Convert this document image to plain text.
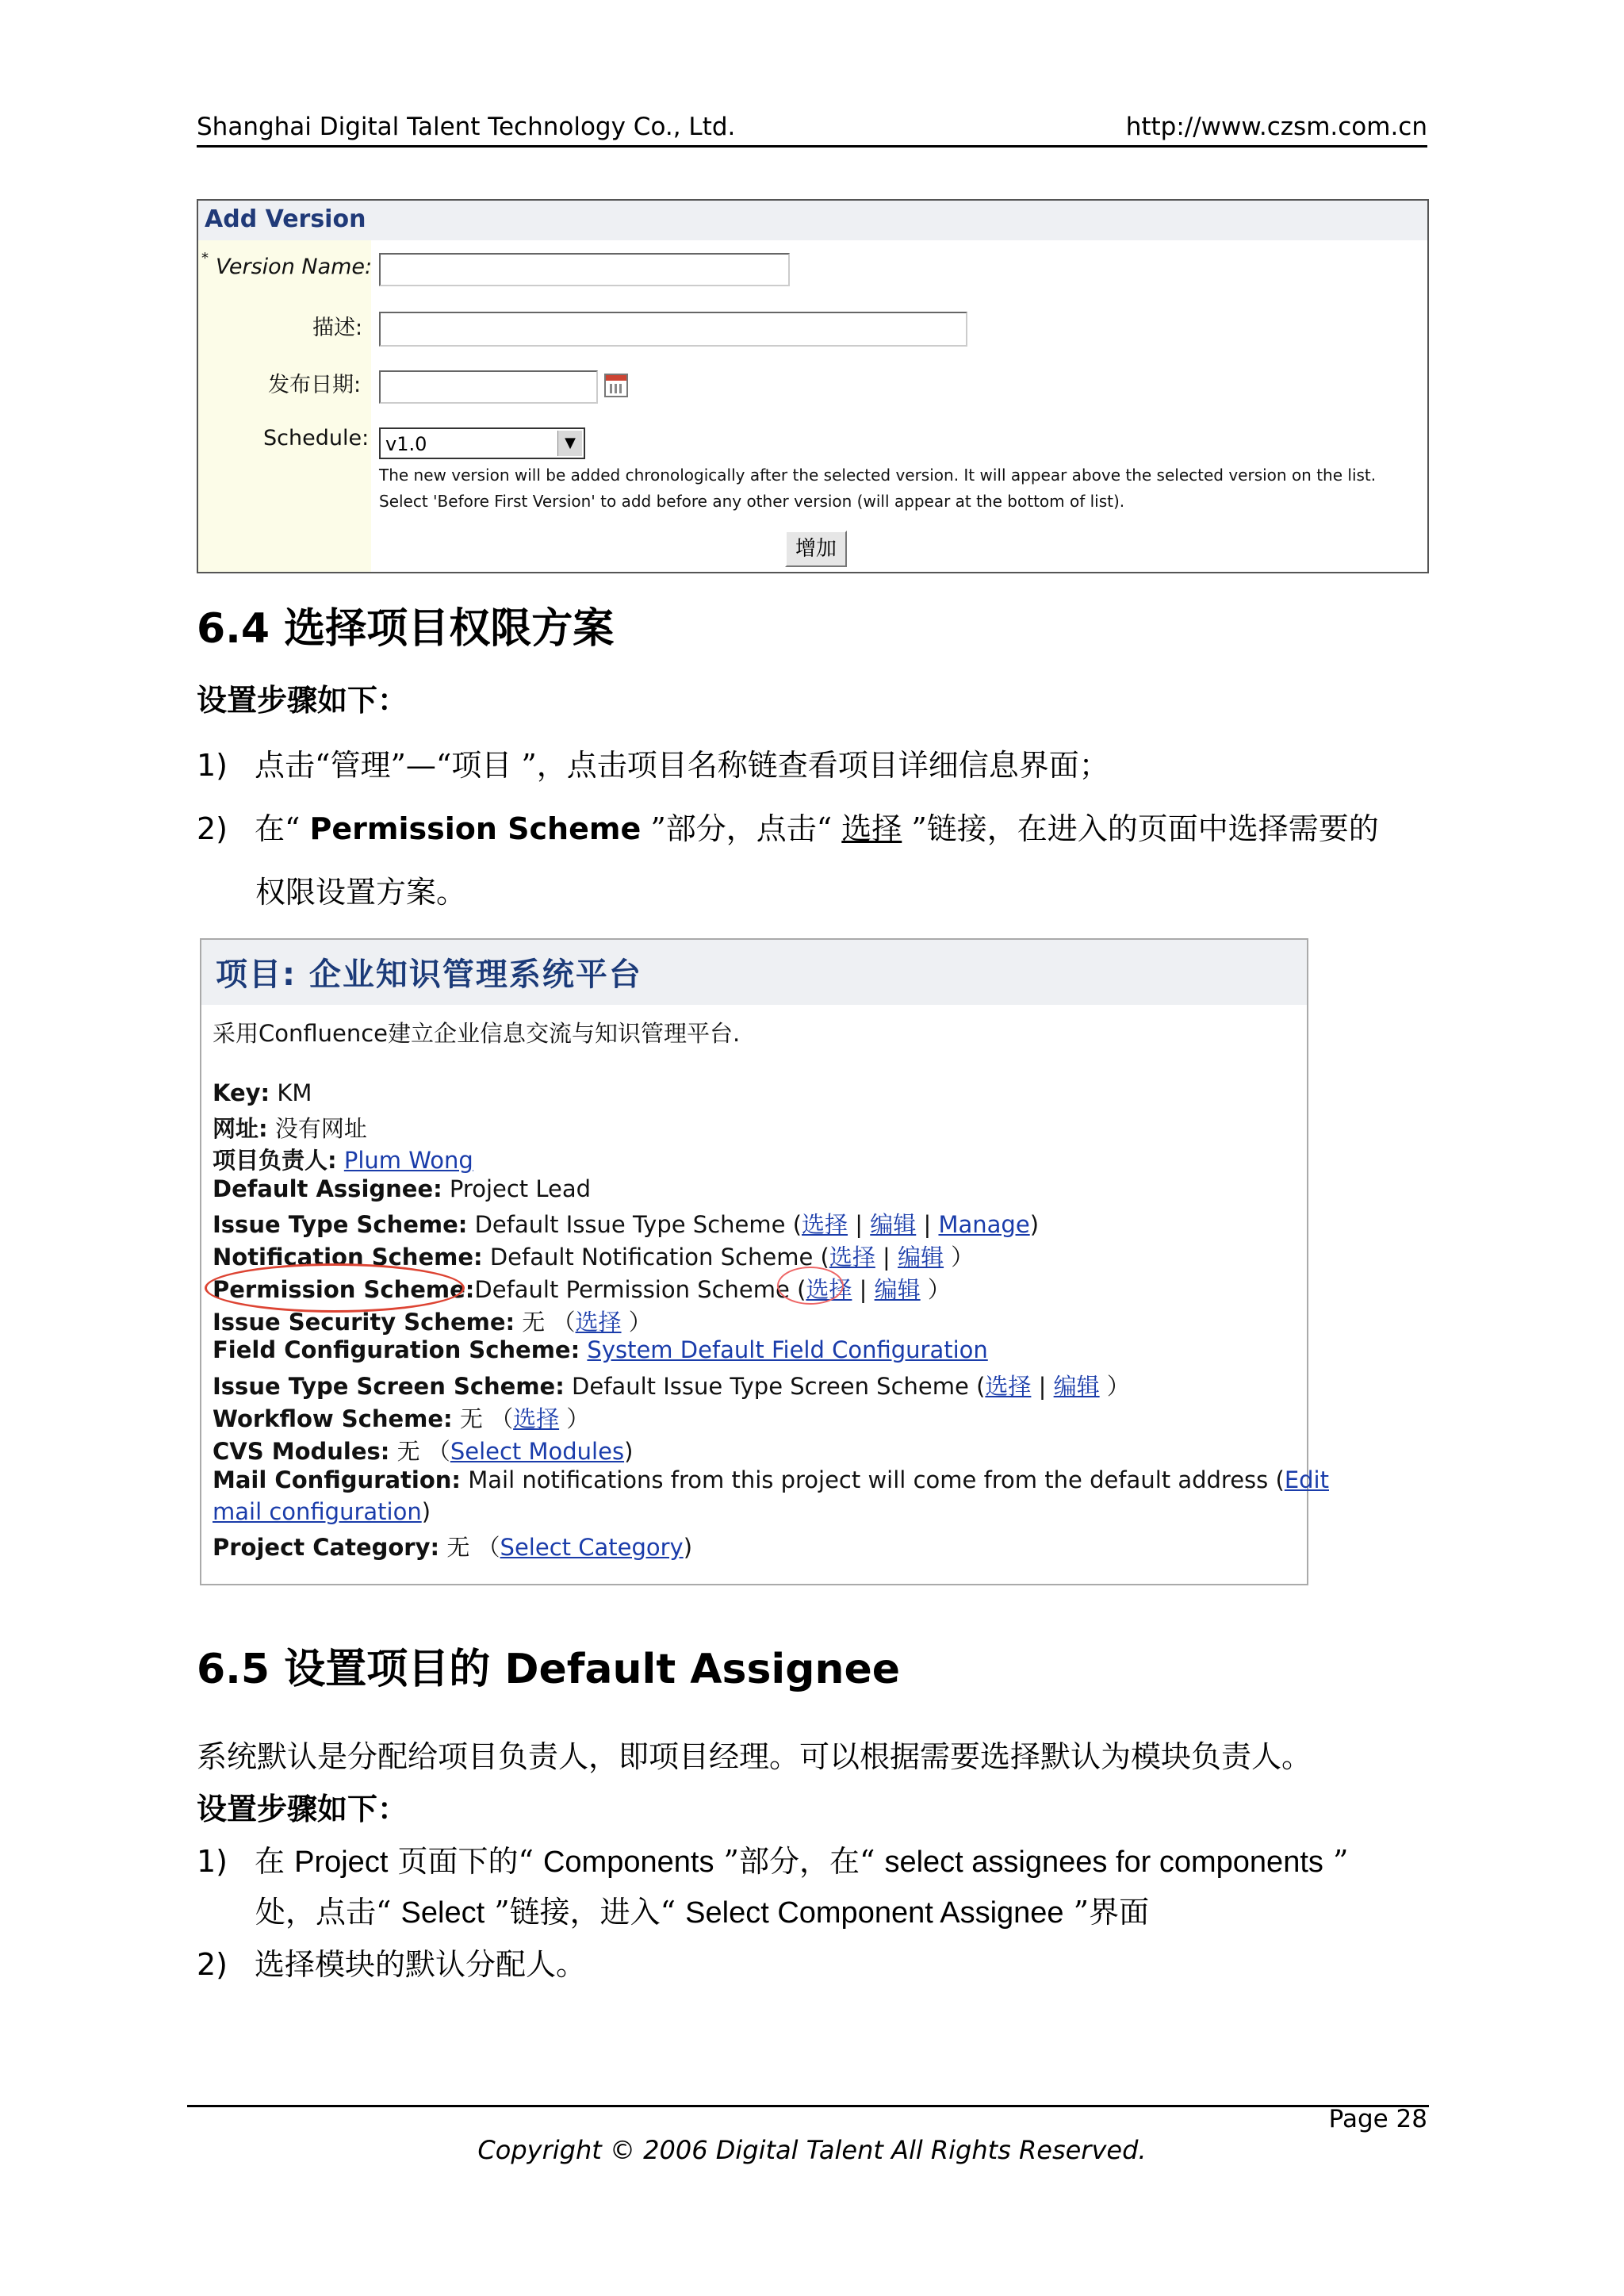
Shanghai Digital Talent Technology Co., Ltd.	http://www.czsm.com.cn
Add Version
* Version Name:
描述:
发布日期:
Schedule: v1.0	▼
The new version will be added chronologically after the selected version. It will appear above the selected version on the list.
Select 'Before First Version' to add before any other version (will appear at the bottom of list).
增加
6.4 选择项目权限方案
设置步骤如下：
1) 点击“管理”—“项目 ”，点击项目名称链查看项目详细信息界面；
2) 在“ Permission Scheme ”部分，点击“ 选择 ”链接，在进入的页面中选择需要的
权限设置方案。
项目: 企业知识管理系统平台
采用Confluence建立企业信息交流与知识管理平台.
Key: KM
网址: 没有网址
项目负责人: Plum Wong
Default Assignee: Project Lead
Issue Type Scheme: Default Issue Type Scheme (选择 | 编辑 | Manage)
Notification Scheme: Default Notification Scheme (选择 | 编辑 ）
Permission Scheme:Default Permission Scheme (选择 | 编辑 ）
Issue Security Scheme: 无 （选择 ）
Field Configuration Scheme: System Default Field Configuration
Issue Type Screen Scheme: Default Issue Type Screen Scheme (选择 | 编辑 ）
Workflow Scheme: 无 （选择 ）
CVS Modules: 无 （Select Modules)
Mail Configuration: Mail notifications from this project will come from the default address (Edit
mail configuration)
Project Category: 无 （Select Category)
6.5 设置项目的 Default Assignee
系统默认是分配给项目负责人，即项目经理。可以根据需要选择默认为模块负责人。
设置步骤如下：
1) 在 Project 页面下的“ Components ”部分，在“ select assignees for components ”
处，点击“ Select ”链接，进入“ Select Component Assignee ”界面
2) 选择模块的默认分配人。
Page 28
Copyright © 2006 Digital Talent All Rights Reserved.
